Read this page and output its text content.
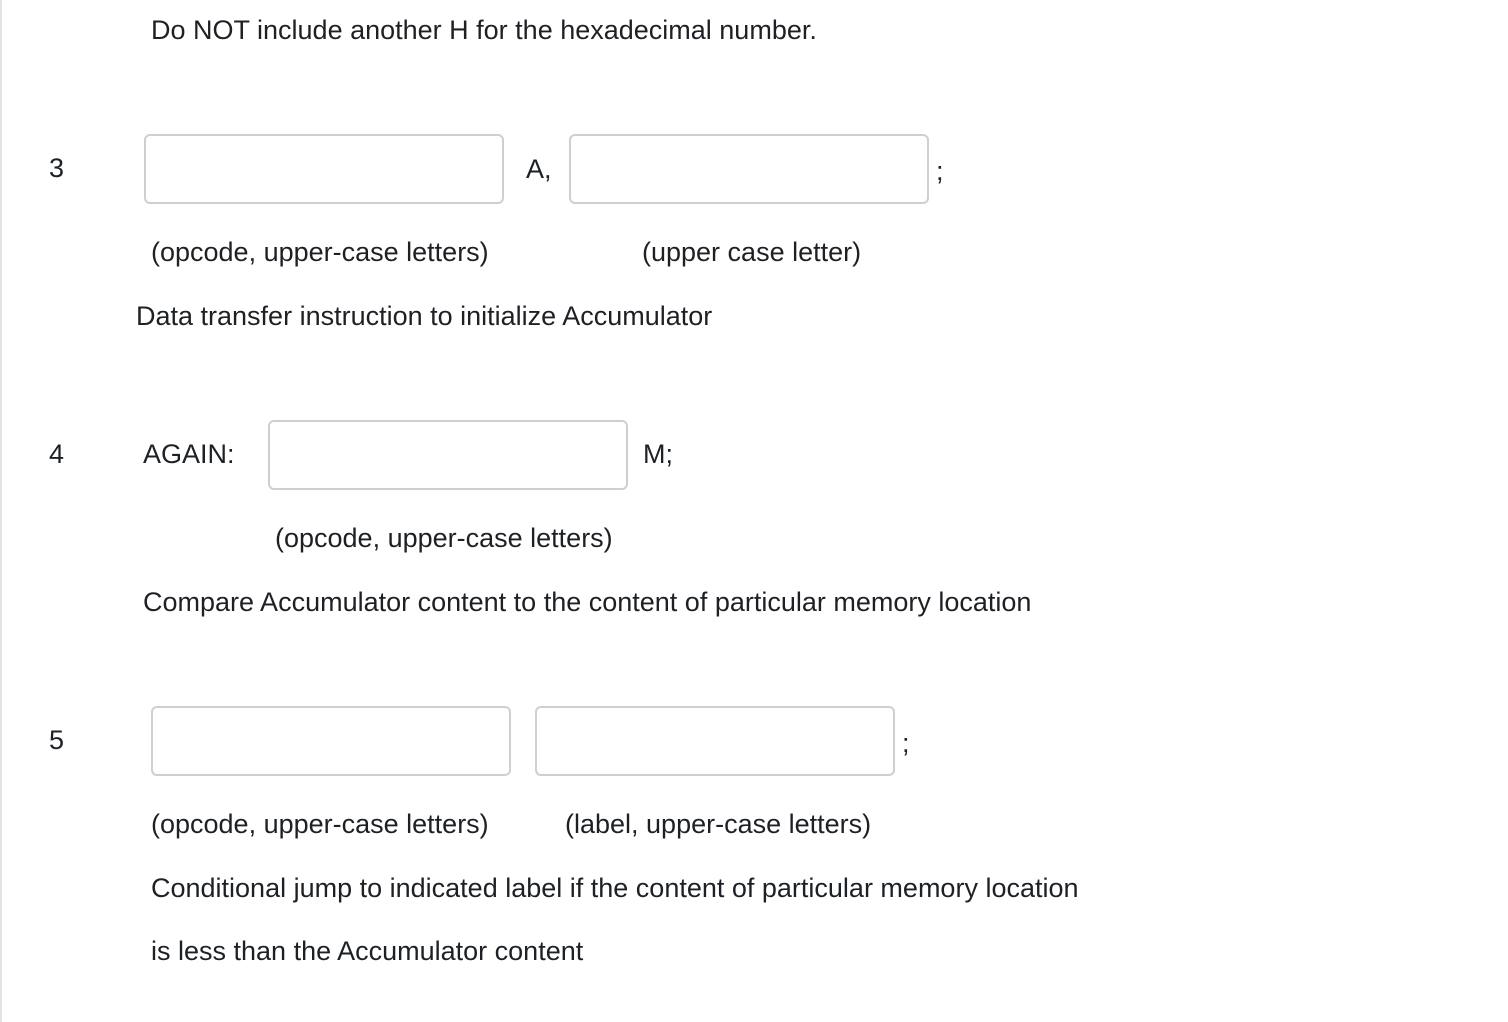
Do NOT include another H for the hexadecimal number.
3	A,	;
(opcode, upper-case letters)	(upper case letter)
Data transfer instruction to initialize Accumulator
4	AGAIN:	M;
(opcode, upper-case letters)
Compare Accumulator content to the content of particular memory location
5	;
(opcode, upper-case letters)	(label, upper-case letters)
Conditional jump to indicated label if the content of particular memory location
is less than the Accumulator content
